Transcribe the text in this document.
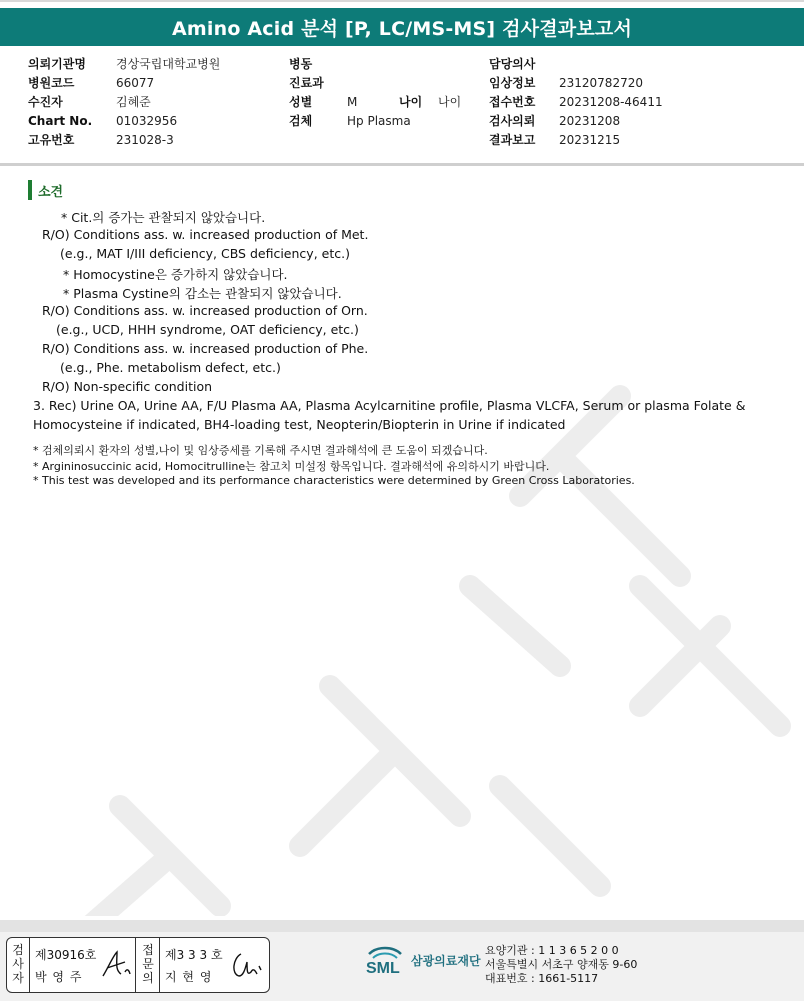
Amino Acid 분석 [P, LC/MS-MS] 검사결과보고서
의뢰기관명	경상국립대학교병원
병원코드	66077
수진자	김혜준
Chart No.	01032956
고유번호	231028-3
병동
진료과
성별	M	나이	나이
검체	Hp Plasma
담당의사
임상정보	23120782720
접수번호	20231208-46411
검사의뢰	20231208
결과보고	20231215
소견
* Cit.의 증가는 관찰되지 않았습니다.
R/O) Conditions ass. w. increased production of Met.
(e.g., MAT I/III deficiency, CBS deficiency, etc.)
* Homocystine은 증가하지 않았습니다.
* Plasma Cystine의 감소는 관찰되지 않았습니다.
R/O) Conditions ass. w. increased production of Orn.
(e.g., UCD, HHH syndrome, OAT deficiency, etc.)
R/O) Conditions ass. w. increased production of Phe.
(e.g., Phe. metabolism defect, etc.)
R/O) Non-specific condition
3. Rec) Urine OA, Urine AA, F/U Plasma AA, Plasma Acylcarnitine profile, Plasma VLCFA, Serum or plasma Folate &
Homocysteine if indicated, BH4-loading test, Neopterin/Biopterin in Urine if indicated
* 검체의뢰시 환자의 성별,나이 및 임상증세를 기록해 주시면 결과해석에 큰 도움이 되겠습니다.
* Argininosuccinic acid, Homocitrulline는 참고치 미설정 항목입니다. 결과해석에 유의하시기 바랍니다.
* This test was developed and its performance characteristics were determined by Green Cross Laboratories.
검
사
자
제30916호
박 영 주
접
문
의
제3 3 3 호
지 현 영	SML 삼광의료재단
요양기관 : 1 1 3 6 5 2 0 0
서울특별시 서초구 양재동 9-60
대표번호 : 1661-5117
